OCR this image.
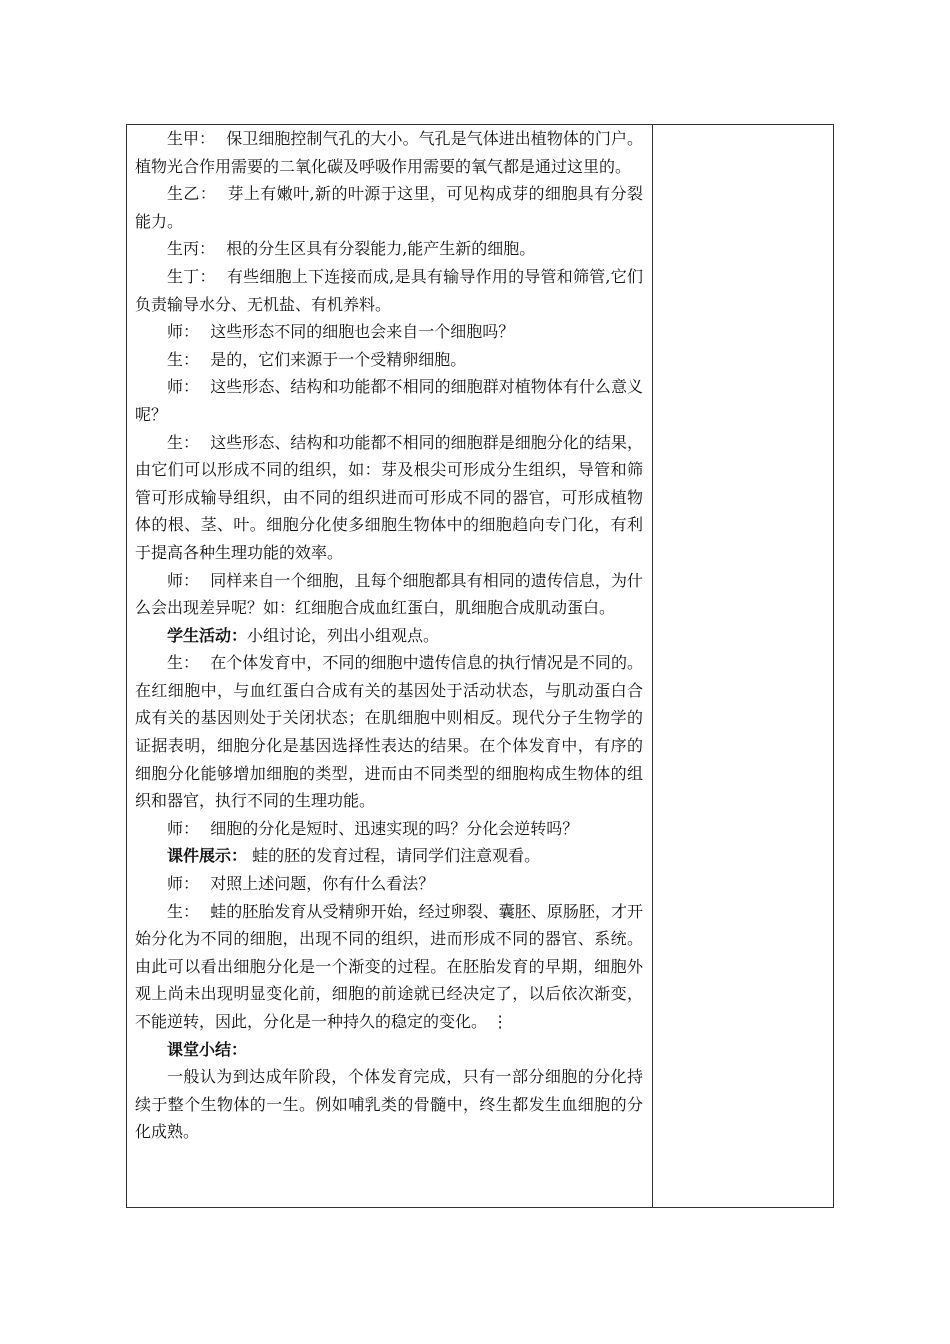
生甲： 保卫细胞控制气孔的大小。气孔是气体进出植物体的门户。植物光合作用需要的二氧化碳及呼吸作用需要的氧气都是通过这里的。

生乙： 芽上有嫩叶,新的叶源于这里，可见构成芽的细胞具有分裂能力。

生丙： 根的分生区具有分裂能力,能产生新的细胞。

生丁： 有些细胞上下连接而成,是具有输导作用的导管和筛管,它们负责输导水分、无机盐、有机养料。

师： 这些形态不同的细胞也会来自一个细胞吗？

生： 是的，它们来源于一个受精卵细胞。

师： 这些形态、结构和功能都不相同的细胞群对植物体有什么意义呢？

生： 这些形态、结构和功能都不相同的细胞群是细胞分化的结果，由它们可以形成不同的组织，如：芽及根尖可形成分生组织，导管和筛管可形成输导组织，由不同的组织进而可形成不同的器官，可形成植物体的根、茎、叶。细胞分化使多细胞生物体中的细胞趋向专门化，有利于提高各种生理功能的效率。

师： 同样来自一个细胞，且每个细胞都具有相同的遗传信息，为什么会出现差异呢？如：红细胞合成血红蛋白，肌细胞合成肌动蛋白。

学生活动：小组讨论，列出小组观点。

生： 在个体发育中，不同的细胞中遗传信息的执行情况是不同的。在红细胞中，与血红蛋白合成有关的基因处于活动状态，与肌动蛋白合成有关的基因则处于关闭状态；在肌细胞中则相反。现代分子生物学的证据表明，细胞分化是基因选择性表达的结果。在个体发育中，有序的细胞分化能够增加细胞的类型，进而由不同类型的细胞构成生物体的组织和器官，执行不同的生理功能。

师： 细胞的分化是短时、迅速实现的吗？分化会逆转吗？

课件展示： 蛙的胚的发育过程，请同学们注意观看。

师： 对照上述问题，你有什么看法？

生： 蛙的胚胎发育从受精卵开始，经过卵裂、囊胚、原肠胚，才开始分化为不同的细胞，出现不同的组织，进而形成不同的器官、系统。由此可以看出细胞分化是一个渐变的过程。在胚胎发育的早期，细胞外观上尚未出现明显变化前，细胞的前途就已经决定了，以后依次渐变，不能逆转，因此，分化是一种持久的稳定的变化。 ⋮

课堂小结：

一般认为到达成年阶段，个体发育完成，只有一部分细胞的分化持续于整个生物体的一生。例如哺乳类的骨髓中，终生都发生血细胞的分化成熟。
